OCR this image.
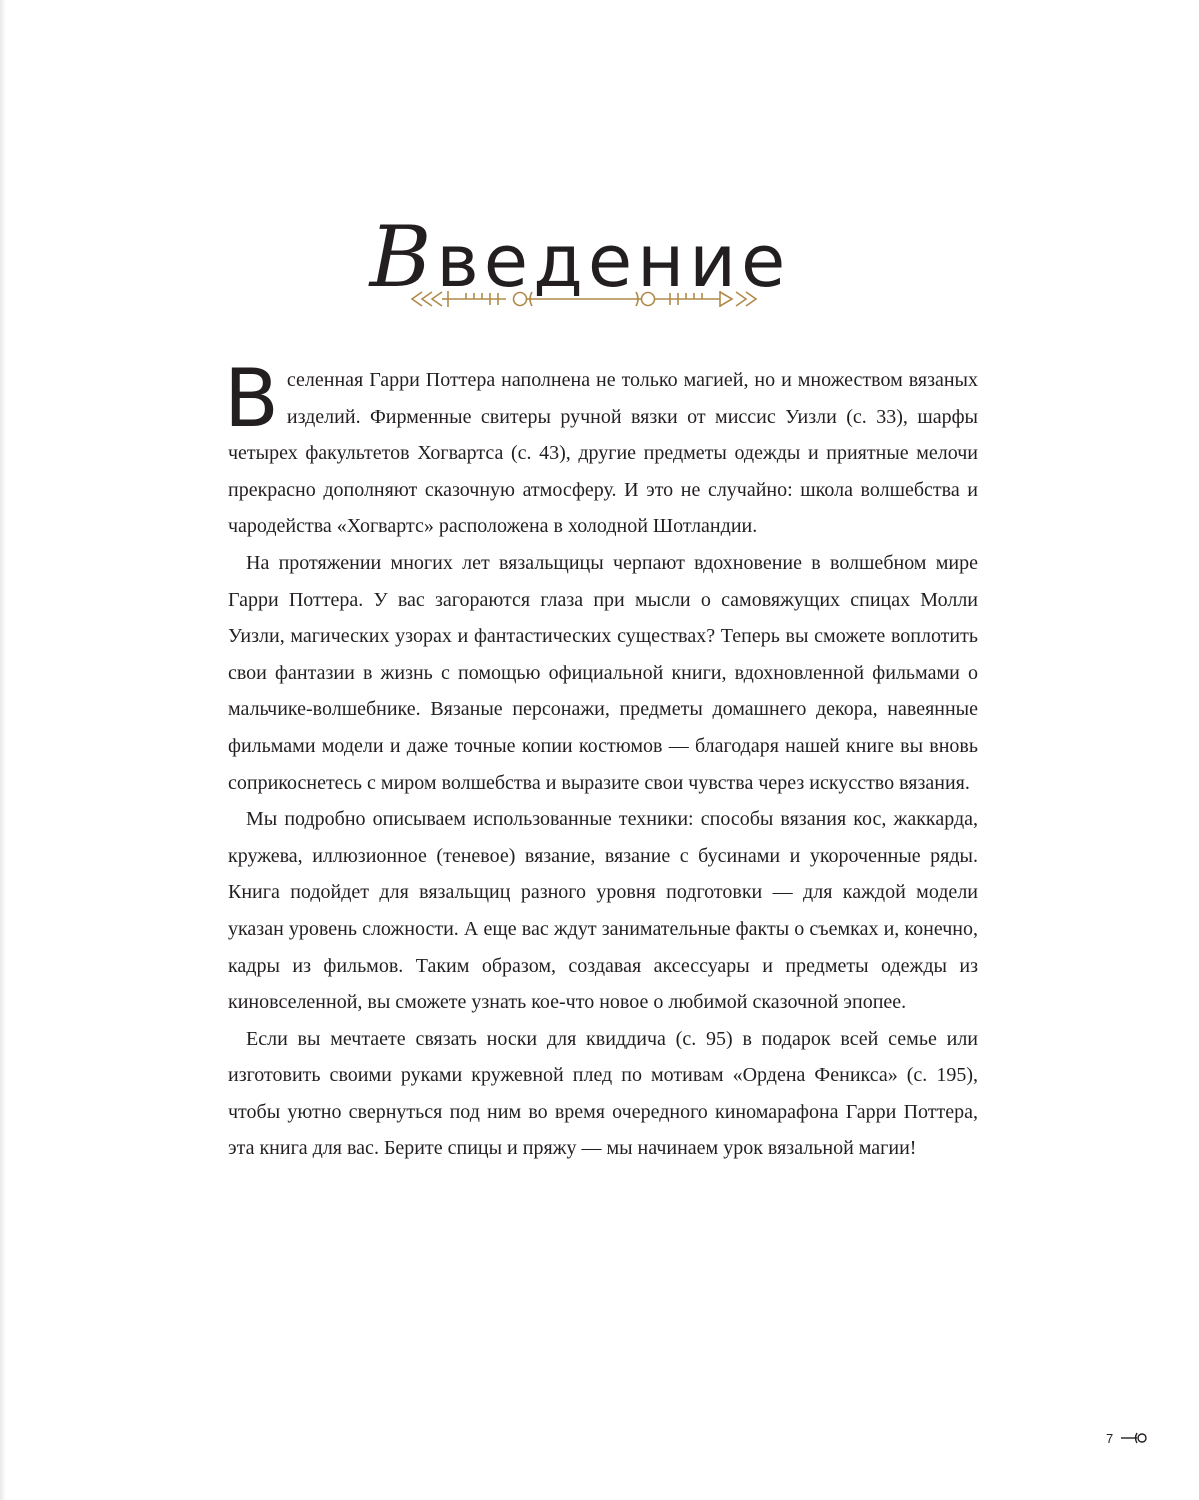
Введение

Вселенная Гарри Поттера наполнена не только магией, но и множеством вязаных изделий. Фирменные свитеры ручной вязки от миссис Уизли (с. 33), шарфы четырех факультетов Хогвартса (с. 43), другие предметы одежды и приятные мелочи прекрасно дополняют сказочную атмосферу. И это не случайно: школа волшебства и чародейства «Хогвартс» расположена в холодной Шотландии.

На протяжении многих лет вязальщицы черпают вдохновение в волшебном мире Гарри Поттера. У вас загораются глаза при мысли о самовяжущих спицах Молли Уизли, магических узорах и фантастических существах? Теперь вы сможете воплотить свои фантазии в жизнь с помощью официальной книги, вдохновленной фильмами о мальчике-волшебнике. Вязаные персонажи, предметы домашнего декора, навеянные фильмами модели и даже точные копии костюмов — благодаря нашей книге вы вновь соприкоснетесь с миром волшебства и выразите свои чувства через искусство вязания.

Мы подробно описываем использованные техники: способы вязания кос, жаккарда, кружева, иллюзионное (теневое) вязание, вязание с бусинами и укороченные ряды. Книга подойдет для вязальщиц разного уровня подготовки — для каждой модели указан уровень сложности. А еще вас ждут занимательные факты о съемках и, конечно, кадры из фильмов. Таким образом, создавая аксессуары и предметы одежды из киновселенной, вы сможете узнать кое-что новое о любимой сказочной эпопее.

Если вы мечтаете связать носки для квиддича (с. 95) в подарок всей семье или изготовить своими руками кружевной плед по мотивам «Ордена Феникса» (с. 195), чтобы уютно свернуться под ним во время очередного киномарафона Гарри Поттера, эта книга для вас. Берите спицы и пряжу — мы начинаем урок вязальной магии!

7
